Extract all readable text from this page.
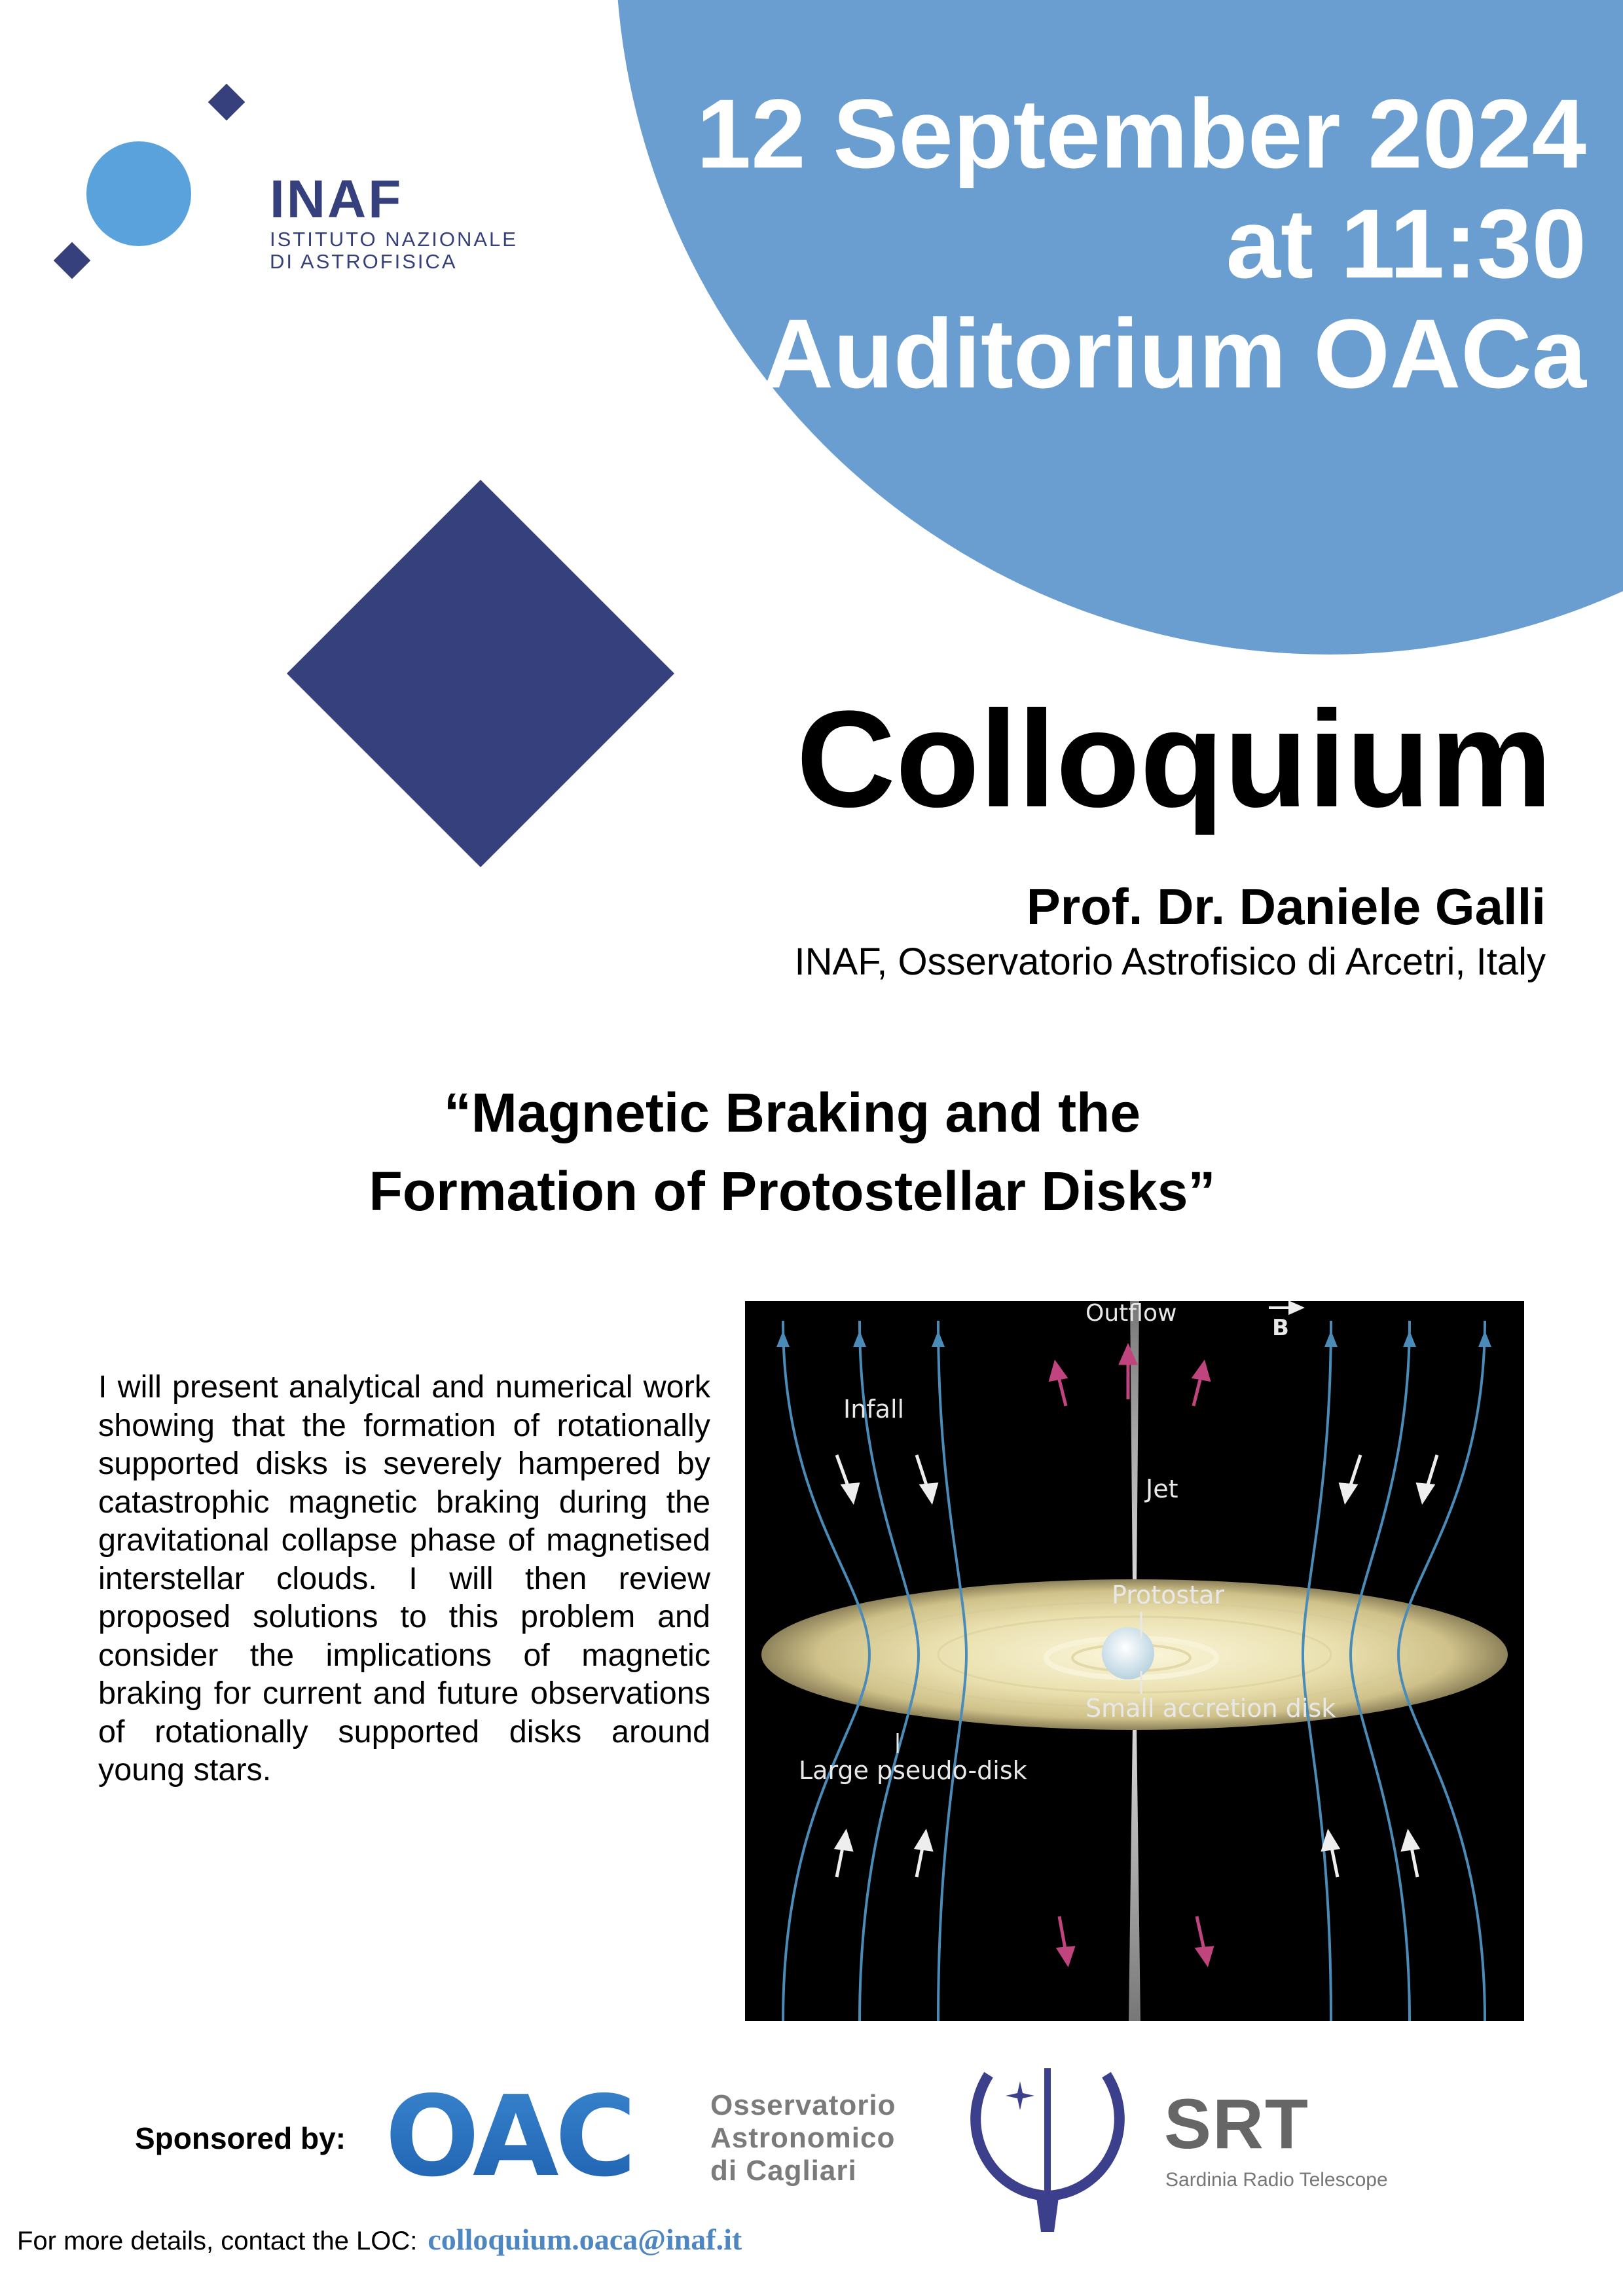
12 September 2024
at 11:30
Auditorium OACa
INAF
ISTITUTO NAZIONALE
DI ASTROFISICA
Colloquium
Prof. Dr. Daniele Galli
INAF, Osservatorio Astrofisico di Arcetri, Italy
“Magnetic Braking and the
Formation of Protostellar Disks”
I will present analytical and numerical work showing that the formation of rotationally supported disks is severely hampered by catastrophic magnetic braking during the gravitational collapse phase of magnetised interstellar clouds. I will then review proposed solutions to this problem and consider the implications of magnetic braking for current and future observations of rotationally supported disks around young stars.
Outflow
B
Infall
Jet
Protostar
Small accretion disk
Large pseudo-disk
Sponsored by: OAC	Osservatorio
Astronomico
di Cagliari
SRT
Sardinia Radio Telescope
For more details, contact the LOC: colloquium.oaca@inaf.it
